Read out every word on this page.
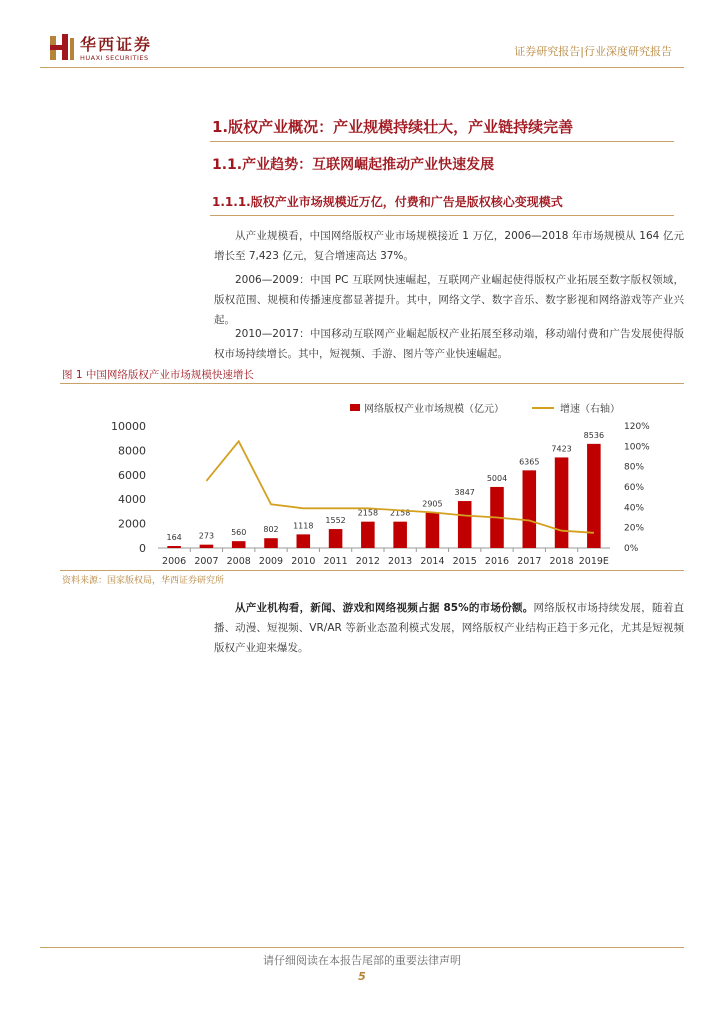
华西证券
HUAXI SECURITIES	证券研究报告|行业深度研究报告
1.版权产业概况：产业规模持续壮大，产业链持续完善
1.1.产业趋势：互联网崛起推动产业快速发展
1.1.1.版权产业市场规模近万亿，付费和广告是版权核心变现模式
从产业规模看，中国网络版权产业市场规模接近 1 万亿，2006—2018 年市场规模从 164 亿元增长至 7,423 亿元，复合增速高达 37%。
2006—2009：中国 PC 互联网快速崛起，互联网产业崛起使得版权产业拓展至数字版权领域，版权范围、规模和传播速度都显著提升。其中，网络文学、数字音乐、数字影视和网络游戏等产业兴起。
2010—2017：中国移动互联网产业崛起版权产业拓展至移动端，移动端付费和广告发展使得版权市场持续增长。其中，短视频、手游、图片等产业快速崛起。
图 1 中国网络版权产业市场规模快速增长
0
2000
4000
6000
8000
10000
0%
20%
40%
60%
80%
100%
120%
164
2006
273
2007
560
2008
802
2009
1118
2010
1552
2011
2158
2012
2158
2013
2905
2014
3847
2015
5004
2016
6365
2017
7423
2018
8536
2019E
网络版权产业市场规模（亿元）	增速（右轴）
资料来源：国家版权局，华西证券研究所
从产业机构看，新闻、游戏和网络视频占据 85%的市场份额。网络版权市场持续发展，随着直播、动漫、短视频、VR/AR 等新业态盈利模式发展，网络版权产业结构正趋于多元化，尤其是短视频版权产业迎来爆发。
请仔细阅读在本报告尾部的重要法律声明
5
